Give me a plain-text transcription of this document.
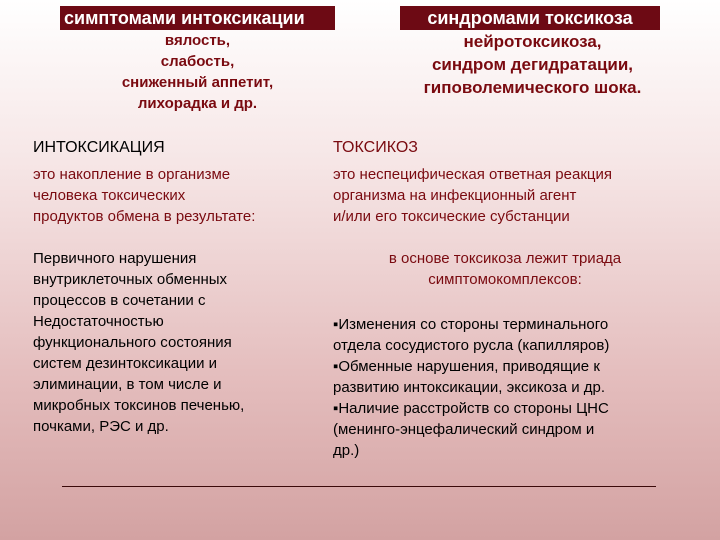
симптомами интоксикации
вялость,
слабость,
сниженный аппетит,
лихорадка и др.
синдромами токсикоза
нейротоксикоза,
синдром дегидратации,
гиповолемического шока.
ИНТОКСИКАЦИЯ	ТОКСИКОЗ

это накопление в организме
человека токсических
продуктов обмена в результате:

это неспецифическая ответная реакция
организма на инфекционный агент
и/или его токсические субстанции

Первичного нарушения
внутриклеточных обменных
процессов в сочетании с
Недостаточностью
функционального состояния
систем дезинтоксикации и
элиминации, в том числе и
микробных токсинов печенью,
почками, РЭС и др.

в основе токсикоза лежит триада
симптомокомплексов:

▪Изменения со стороны терминального
отдела сосудистого русла (капилляров)
▪Обменные нарушения, приводящие к
развитию интоксикации, эксикоза и др.
▪Наличие расстройств со стороны ЦНС
(менинго-энцефалический синдром и
др.)
